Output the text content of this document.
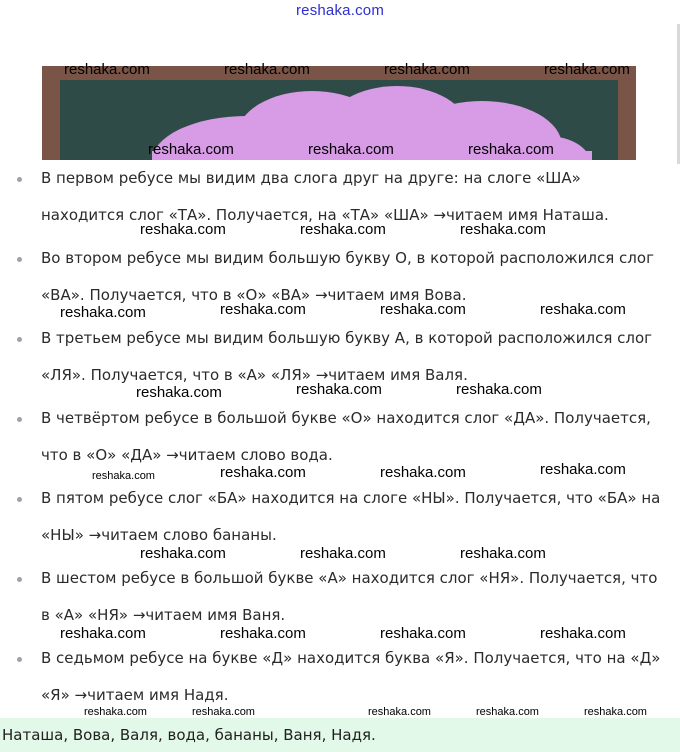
reshaka.com
В первом ребусе мы видим два слога друг на друге: на слоге «ША» находится слог «ТА». Получается, на «ТА» «ША» →читаем имя Наташа.
Во втором ребусе мы видим большую букву О, в которой расположился слог «ВА». Получается, что в «О» «ВА» →читаем имя Вова.
В третьем ребусе мы видим большую букву А, в которой расположился слог «ЛЯ». Получается, что в «А» «ЛЯ» →читаем имя Валя.
В четвёртом ребусе в большой букве «О» находится слог «ДА». Получается, что в «О» «ДА» →читаем слово вода.
В пятом ребусе слог «БА» находится на слоге «НЫ». Получается, что «БА» на «НЫ» →читаем слово бананы.
В шестом ребусе в большой букве «А» находится слог «НЯ». Получается, что в «А» «НЯ» →читаем имя Ваня.
В седьмом ребусе на букве «Д» находится буква «Я». Получается, что на «Д» «Я» →читаем имя Надя.
Наташа, Вова, Валя, вода, бананы, Ваня, Надя.
reshaka.com	reshaka.com	reshaka.com	reshaka.com
reshaka.com	reshaka.com	reshaka.com
reshaka.com	reshaka.com	reshaka.com
reshaka.com	reshaka.com	reshaka.com	reshaka.com
reshaka.com	reshaka.com	reshaka.com
reshaka.com	reshaka.com	reshaka.com	reshaka.com
reshaka.com	reshaka.com	reshaka.com
reshaka.com	reshaka.com	reshaka.com	reshaka.com
reshaka.com	reshaka.com	reshaka.com	reshaka.com	reshaka.com
